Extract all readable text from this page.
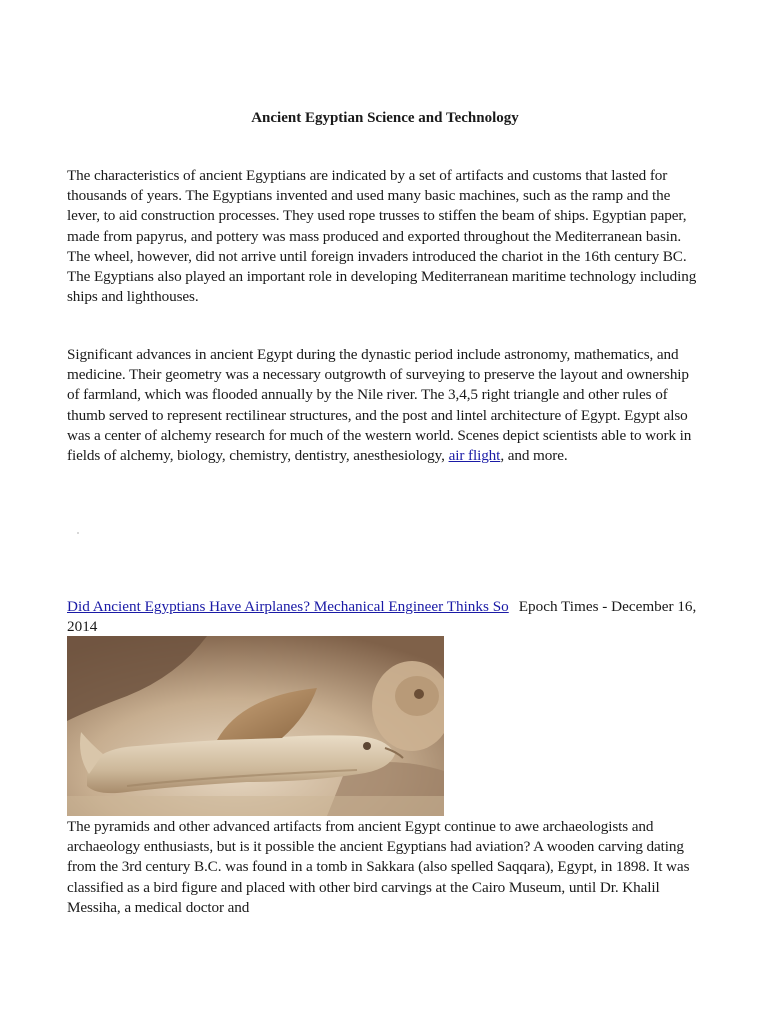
Ancient Egyptian Science and Technology

The characteristics of ancient Egyptians are indicated by a set of artifacts and customs that lasted for thousands of years. The Egyptians invented and used many basic machines, such as the ramp and the lever, to aid construction processes. They used rope trusses to stiffen the beam of ships. Egyptian paper, made from papyrus, and pottery was mass produced and exported throughout the Mediterranean basin. The wheel, however, did not arrive until foreign invaders introduced the chariot in the 16th century BC. The Egyptians also played an important role in developing Mediterranean maritime technology including ships and lighthouses.

Significant advances in ancient Egypt during the dynastic period include astronomy, mathematics, and medicine. Their geometry was a necessary outgrowth of surveying to preserve the layout and ownership of farmland, which was flooded annually by the Nile river. The 3,4,5 right triangle and other rules of thumb served to represent rectilinear structures, and the post and lintel architecture of Egypt. Egypt also was a center of alchemy research for much of the western world. Scenes depict scientists able to work in fields of alchemy, biology, chemistry, dentistry, anesthesiology, air flight, and more.

Did Ancient Egyptians Have Airplanes? Mechanical Engineer Thinks So Epoch Times - December 16, 2014

The pyramids and other advanced artifacts from ancient Egypt continue to awe archaeologists and archaeology enthusiasts, but is it possible the ancient Egyptians had aviation? A wooden carving dating from the 3rd century B.C. was found in a tomb in Sakkara (also spelled Saqqara), Egypt, in 1898. It was classified as a bird figure and placed with other bird carvings at the Cairo Museum, until Dr. Khalil Messiha, a medical doctor and
